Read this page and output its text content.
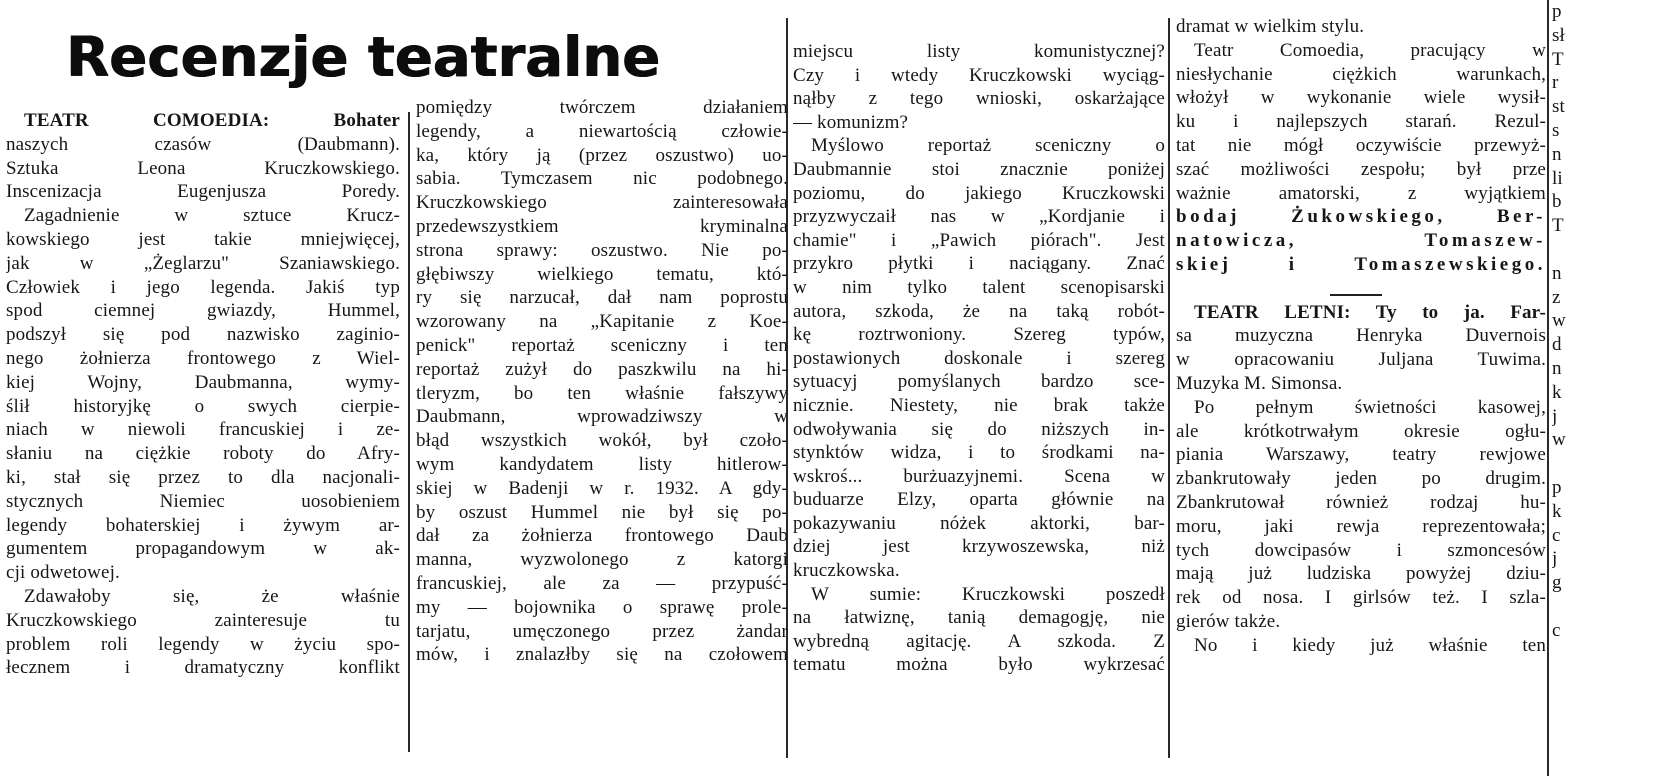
Recenzje teatralne
TEATR COMOEDIA: Bohater
naszych czasów (Daubmann).
Sztuka Leona Kruczkowskiego.
Inscenizacja Eugenjusza Poredy.
Zagadnienie w sztuce Krucz-
kowskiego jest takie mniejwięcej,
jak w „Żeglarzu" Szaniawskiego.
Człowiek i jego legenda. Jakiś typ
spod ciemnej gwiazdy, Hummel,
podszył się pod nazwisko zaginio-
nego żołnierza frontowego z Wiel-
kiej Wojny, Daubmanna, wymy-
ślił historyjkę o swych cierpie-
niach w niewoli francuskiej i ze-
słaniu na ciężkie roboty do Afry-
ki, stał się przez to dla nacjonali-
stycznych Niemiec uosobieniem
legendy bohaterskiej i żywym ar-
gumentem propagandowym w ak-
cji odwetowej.
Zdawałoby się, że właśnie
Kruczkowskiego zainteresuje tu
problem roli legendy w życiu spo-
łecznem i dramatyczny konflikt
pomiędzy twórczem działaniem
legendy, a niewartością człowie-
ka, który ją (przez oszustwo) uo-
sabia. Tymczasem nic podobnego.
Kruczkowskiego zainteresowała
przedewszystkiem kryminalna
strona sprawy: oszustwo. Nie po-
głębiwszy wielkiego tematu, któ-
ry się narzucał, dał nam poprostu
wzorowany na „Kapitanie z Koe-
penick" reportaż sceniczny i ten
reportaż zużył do paszkwilu na hi-
tleryzm, bo ten właśnie fałszywy
Daubmann, wprowadziwszy w
błąd wszystkich wokół, był czoło-
wym kandydatem listy hitlerow-
skiej w Badenji w r. 1932. A gdy-
by oszust Hummel nie był się po-
dał za żołnierza frontowego Daub
manna, wyzwolonego z katorgi
francuskiej, ale za — przypuść-
my — bojownika o sprawę prole-
tarjatu, umęczonego przez żandar
mów, i znalazłby się na czołowem
miejscu listy komunistycznej?
Czy i wtedy Kruczkowski wyciąg-
nąłby z tego wnioski, oskarżające
— komunizm?
Myślowo reportaż sceniczny o
Daubmannie stoi znacznie poniżej
poziomu, do jakiego Kruczkowski
przyzwyczaił nas w „Kordjanie i
chamie" i „Pawich piórach". Jest
przykro płytki i naciągany. Znać
w nim tylko talent scenopisarski
autora, szkoda, że na taką robót-
kę roztrwoniony. Szereg typów,
postawionych doskonale i szereg
sytuacyj pomyślanych bardzo sce-
nicznie. Niestety, nie brak także
odwoływania się do niższych in-
stynktów widza, i to środkami na-
wskroś... burżuazyjnemi. Scena w
buduarze Elzy, oparta głównie na
pokazywaniu nóżek aktorki, bar-
dziej jest krzywoszewska, niż
kruczkowska.
W sumie: Kruczkowski poszedł
na łatwiznę, tanią demagogję, nie
wybredną agitację. A szkoda. Z
tematu można było wykrzesać
dramat w wielkim stylu.
Teatr Comoedia, pracujący w
niesłychanie ciężkich warunkach,
włożył w wykonanie wiele wysił-
ku i najlepszych starań. Rezul-
tat nie mógł oczywiście przewyż-
szać możliwości zespołu; był prze
ważnie amatorski, z wyjątkiem
bodaj Żukowskiego, Ber-
natowicza, Tomaszew-
skiej i Tomaszewskiego.
TEATR LETNI: Ty to ja. Far-
sa muzyczna Henryka Duvernois
w opracowaniu Juljana Tuwima.
Muzyka M. Simonsa.
Po pełnym świetności kasowej,
ale krótkotrwałym okresie ogłu-
piania Warszawy, teatry rewjowe
zbankrutowały jeden po drugim.
Zbankrutował również rodzaj hu-
moru, jaki rewja reprezentowała;
tych dowcipasów i szmoncesów
mają już ludziska powyżej dziu-
rek od nosa. I girlsów też. I szla-
gierów także.
No i kiedy już właśnie ten
p
sł
T
r
st
s
n
li
b
T
n
z
w
d
n
k
j
w
p
k
c
j
g
c
